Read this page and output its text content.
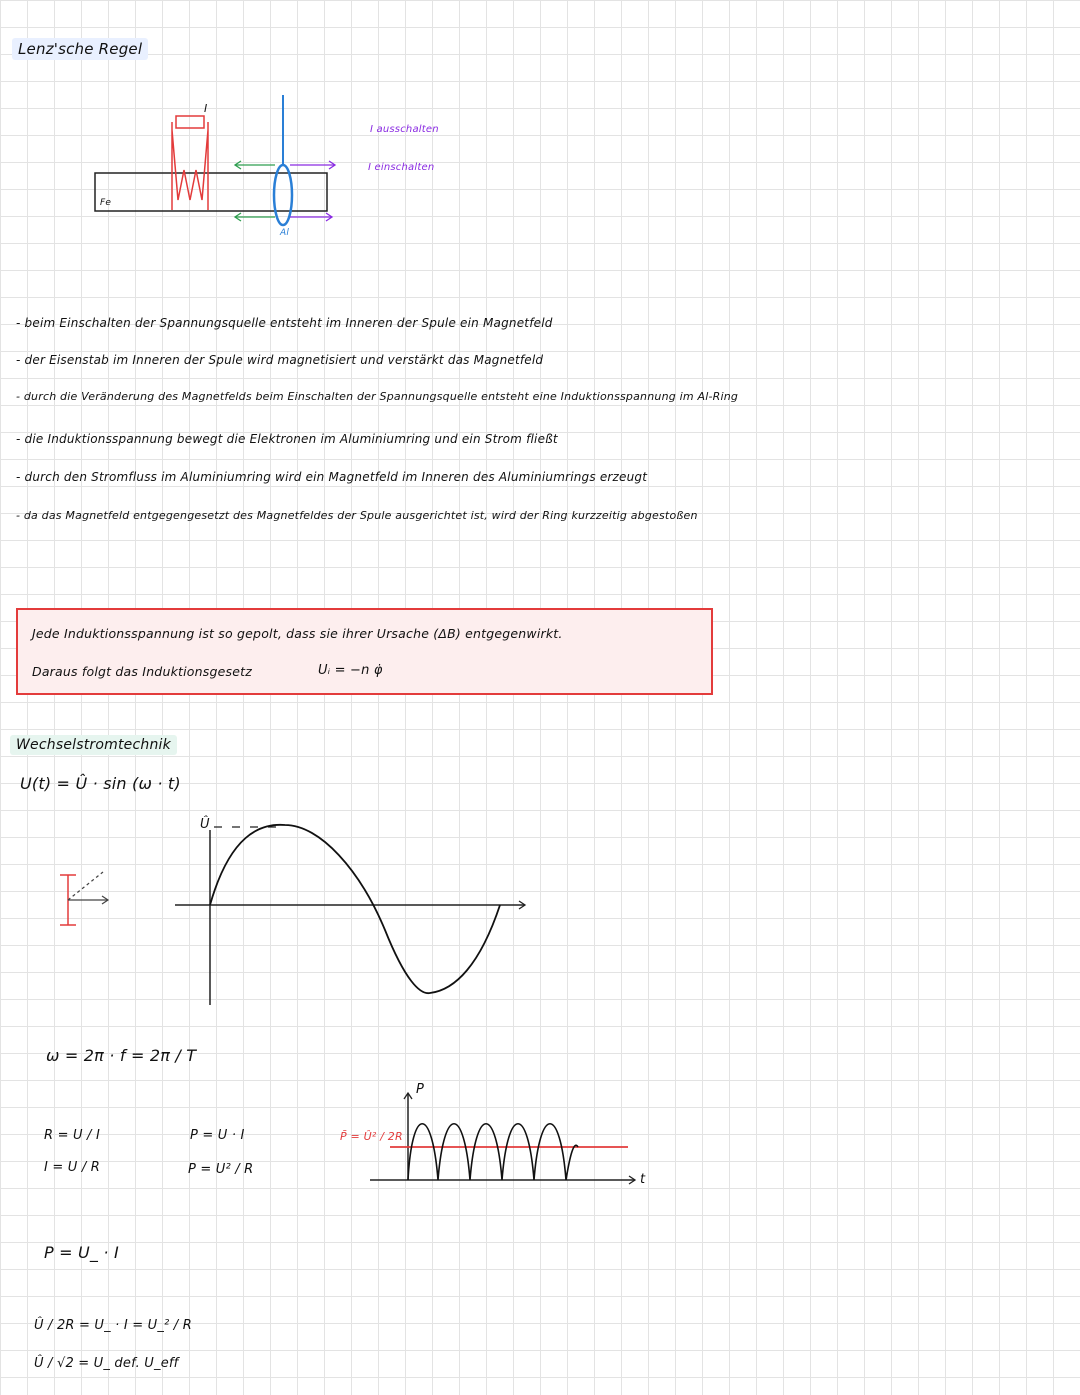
Lenz'sche Regel
Fe
Al
I
I ausschalten
I einschalten
- beim Einschalten der Spannungsquelle entsteht im Inneren der Spule ein Magnetfeld
- der Eisenstab im Inneren der Spule wird magnetisiert und verstärkt das Magnetfeld
- durch die Veränderung des Magnetfelds beim Einschalten der Spannungsquelle entsteht eine Induktionsspannung im Al-Ring
- die Induktionsspannung bewegt die Elektronen im Aluminiumring und ein Strom fließt
- durch den Stromfluss im Aluminiumring wird ein Magnetfeld im Inneren des Aluminiumrings erzeugt
- da das Magnetfeld entgegengesetzt des Magnetfeldes der Spule ausgerichtet ist, wird der Ring kurzzeitig abgestoßen
Jede Induktionsspannung ist so gepolt, dass sie ihrer Ursache (ΔB) entgegenwirkt.
Daraus folgt das Induktionsgesetz	Uᵢ = −n φ̇
Wechselstromtechnik
U(t) = Û · sin (ω · t)
Û
ω = 2π · f = 2π / T
R = U / I
I = U / R
P = U · I
P = U² / R
P̄ = Û² / 2R
P
t
P = U_ · I
Û / 2R = U_ · I = U_² / R
Û / √2 = U_ def. U_eff
